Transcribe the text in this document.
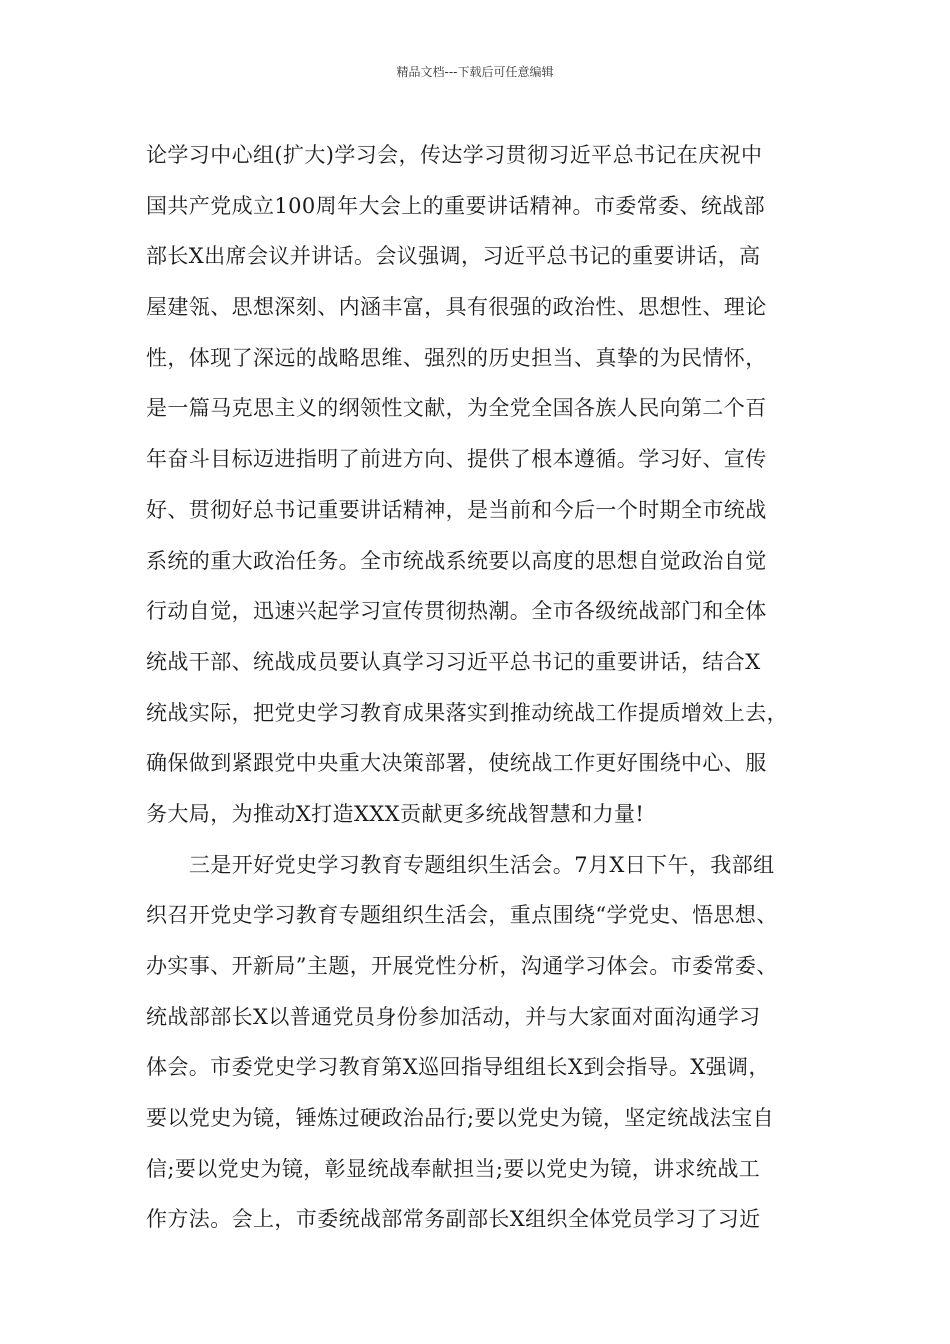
精品文档---下载后可任意编辑
论学习中心组(扩大)学习会，传达学习贯彻习近平总书记在庆祝中
国共产党成立100周年大会上的重要讲话精神。市委常委、统战部
部长X出席会议并讲话。会议强调，习近平总书记的重要讲话，高
屋建瓴、思想深刻、内涵丰富，具有很强的政治性、思想性、理论
性，体现了深远的战略思维、强烈的历史担当、真挚的为民情怀，
是一篇马克思主义的纲领性文献，为全党全国各族人民向第二个百
年奋斗目标迈进指明了前进方向、提供了根本遵循。学习好、宣传
好、贯彻好总书记重要讲话精神，是当前和今后一个时期全市统战
系统的重大政治任务。全市统战系统要以高度的思想自觉政治自觉
行动自觉，迅速兴起学习宣传贯彻热潮。全市各级统战部门和全体
统战干部、统战成员要认真学习习近平总书记的重要讲话，结合X
统战实际，把党史学习教育成果落实到推动统战工作提质增效上去，
确保做到紧跟党中央重大决策部署，使统战工作更好围绕中心、服
务大局，为推动X打造XXX贡献更多统战智慧和力量!
三是开好党史学习教育专题组织生活会。7月X日下午，我部组
织召开党史学习教育专题组织生活会，重点围绕“学党史、悟思想、
办实事、开新局”主题，开展党性分析，沟通学习体会。市委常委、
统战部部长X以普通党员身份参加活动，并与大家面对面沟通学习
体会。市委党史学习教育第X巡回指导组组长X到会指导。X强调，
要以党史为镜，锤炼过硬政治品行;要以党史为镜，坚定统战法宝自
信;要以党史为镜，彰显统战奉献担当;要以党史为镜，讲求统战工
作方法。会上，市委统战部常务副部长X组织全体党员学习了习近
